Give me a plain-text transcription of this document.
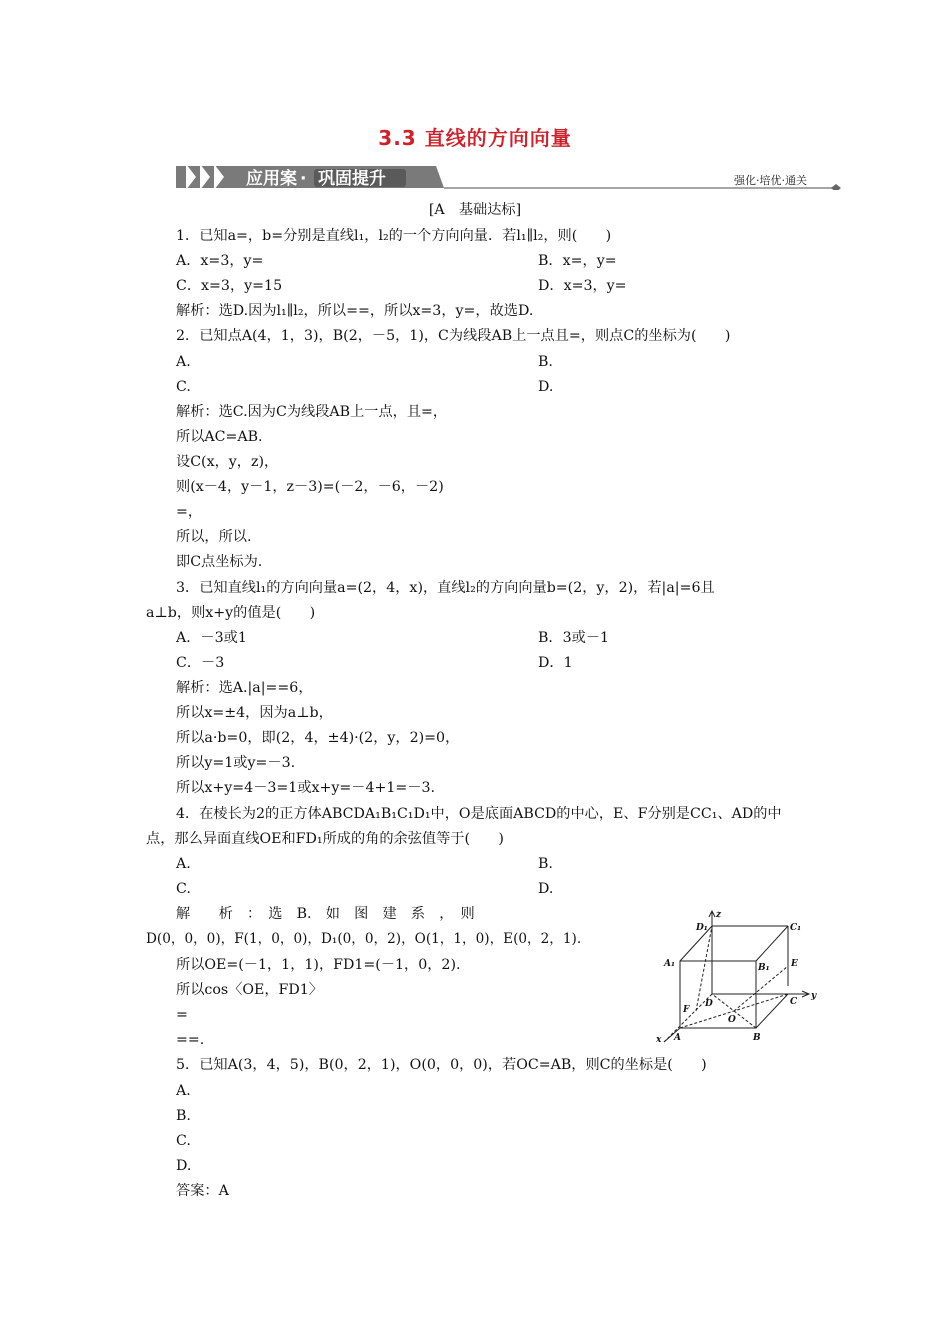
3.3 直线的方向向量
应用案 · 巩固提升	强化·培优·通关
[A　基础达标]
1．已知a=，b=分别是直线l₁，l₂的一个方向向量．若l₁∥l₂，则(　　)
A．x=3，y=	B．x=，y=
C．x=3，y=15	D．x=3，y=
解析：选D.因为l₁∥l₂，所以==，所以x=3，y=，故选D.
2．已知点A(4，1，3)，B(2，－5，1)，C为线段AB上一点且=，则点C的坐标为(　　)
A.	B.
C.	D.
解析：选C.因为C为线段AB上一点，且=，
所以AC=AB.
设C(x，y，z)，
则(x－4，y－1，z－3)=(－2，－6，－2)
=，
所以，所以.
即C点坐标为.
3．已知直线l₁的方向向量a=(2，4，x)，直线l₂的方向向量b=(2，y，2)，若|a|=6且
a⊥b，则x+y的值是(　　)
A．－3或1	B．3或－1
C．－3	D．1
解析：选A.|a|==6，
所以x=±4，因为a⊥b，
所以a·b=0，即(2，4，±4)·(2，y，2)=0，
所以y=1或y=－3.
所以x+y=4－3=1或x+y=－4+1=－3.
4．在棱长为2的正方体ABCDA₁B₁C₁D₁中，O是底面ABCD的中心，E、F分别是CC₁、AD的中
点，那么异面直线OE和FD₁所成的角的余弦值等于(　　)
A.	B.
C.	D.
解　　析　：　选　B.　如　图　建　系　，　则
D(0，0，0)，F(1，0，0)，D₁(0，0，2)，O(1，1，0)，E(0，2，1).
所以OE=(－1，1，1)，FD1=(－1，0，2).
所以cos〈OE，FD1〉
=
==.
D₁	C₁
A₁	B₁ E
F
D
O
C
A	B
x
y
z
5．已知A(3，4，5)，B(0，2，1)，O(0，0，0)，若OC=AB，则C的坐标是(　　)
A.
B.
C.
D.
答案：A
